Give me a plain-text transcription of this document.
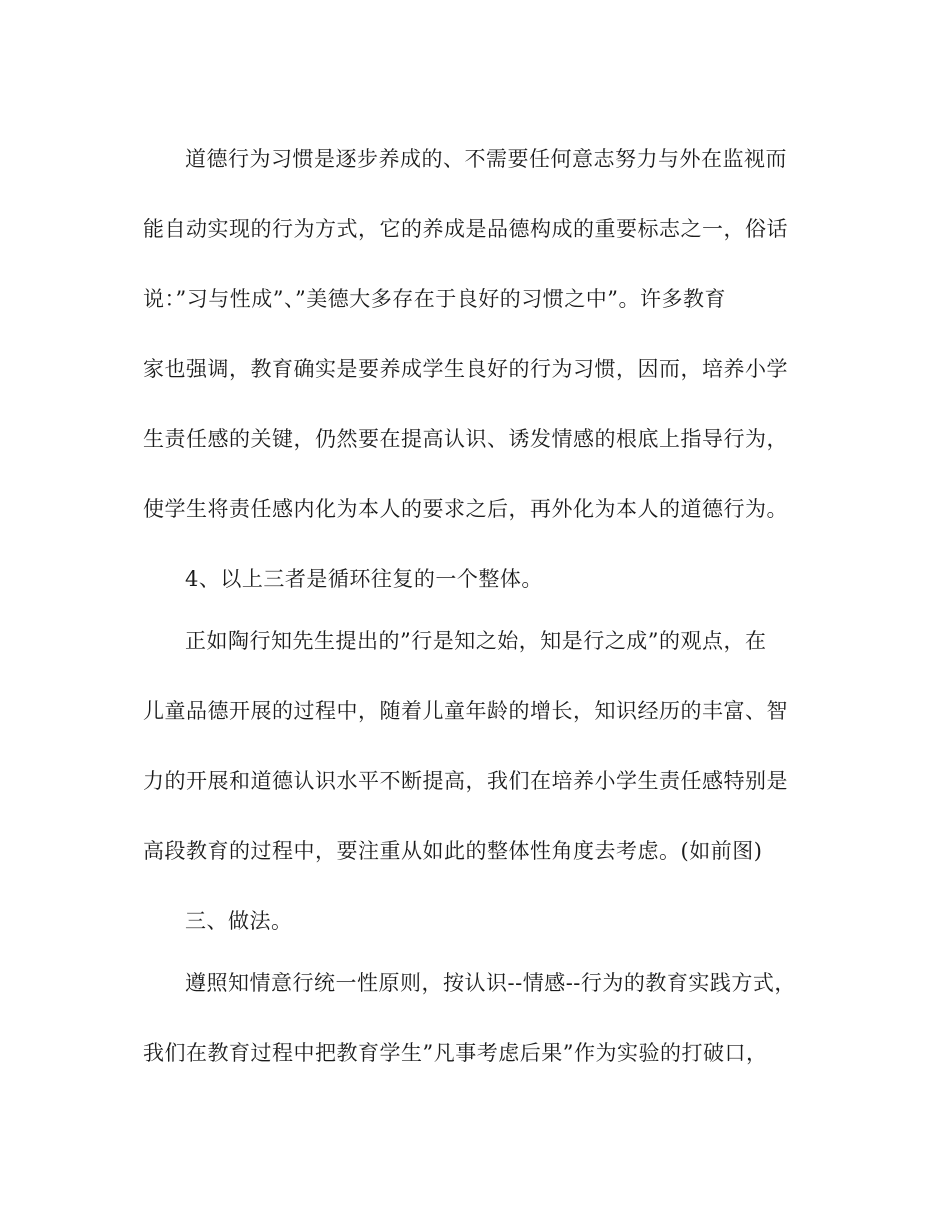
道德行为习惯是逐步养成的、不需要任何意志努力与外在监视而
能自动实现的行为方式，它的养成是品德构成的重要标志之一，俗话
说：”习与性成”、”美德大多存在于良好的习惯之中”。许多教育
家也强调，教育确实是要养成学生良好的行为习惯，因而，培养小学
生责任感的关键，仍然要在提高认识、诱发情感的根底上指导行为，
使学生将责任感内化为本人的要求之后，再外化为本人的道德行为。
4、以上三者是循环往复的一个整体。
正如陶行知先生提出的”行是知之始，知是行之成”的观点，在
儿童品德开展的过程中，随着儿童年龄的增长，知识经历的丰富、智
力的开展和道德认识水平不断提高，我们在培养小学生责任感特别是
高段教育的过程中，要注重从如此的整体性角度去考虑。(如前图)
三、做法。
遵照知情意行统一性原则，按认识--情感--行为的教育实践方式，
我们在教育过程中把教育学生”凡事考虑后果”作为实验的打破口，
